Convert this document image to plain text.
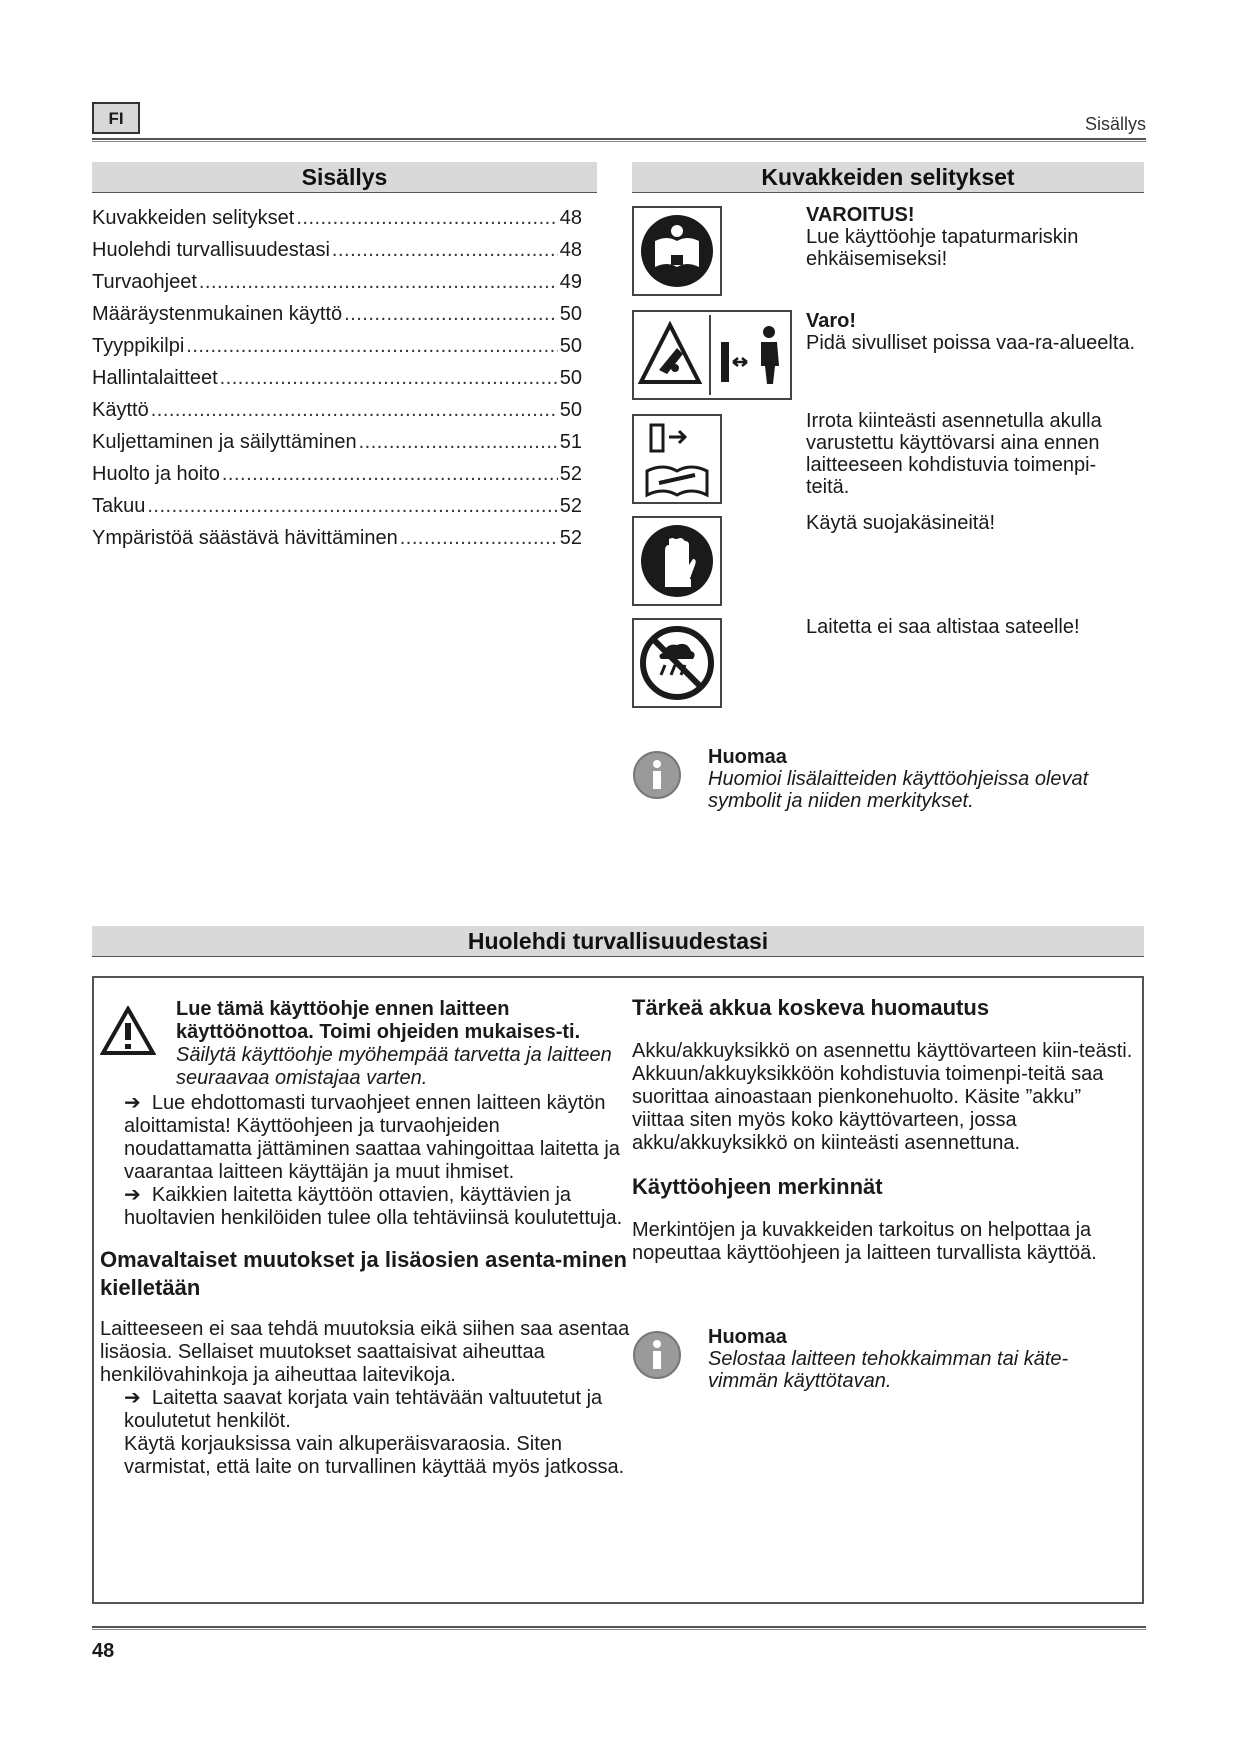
FI	Sisällys
Sisällys
Kuvakkeiden selitykset .....	48
Huolehdi turvallisuudestasi .....	48
Turvaohjeet .....	49
Määräystenmukainen käyttö .....	50
Tyyppikilpi .....	50
Hallintalaitteet .....	50
Käyttö .....	50
Kuljettaminen ja säilyttäminen .....	51
Huolto ja hoito .....	52
Takuu .....	52
Ympäristöä säästävä hävittäminen .....	52
Kuvakkeiden selitykset
VAROITUS!
Lue käyttöohje tapaturmariskin ehkäisemiseksi!
Varo!
Pidä sivulliset poissa vaa-ra-alueelta.
Irrota kiinteästi asennetulla akulla varustettu käyttövarsi aina ennen laitteeseen kohdistuvia toimenpi-teitä.
Käytä suojakäsineitä!
Laitetta ei saa altistaa sateelle!
Huomaa
Huomioi lisälaitteiden käyttöohjeissa olevat symbolit ja niiden merkitykset.
Huolehdi turvallisuudestasi
Lue tämä käyttöohje ennen laitteen käyttöönottoa. Toimi ohjeiden mukaises-ti. Säilytä käyttöohje myöhempää tarvetta ja laitteen seuraavaa omistajaa varten.
➔  Lue ehdottomasti turvaohjeet ennen laitteen käytön aloittamista! Käyttöohjeen ja turvaohjeiden noudattamatta jättäminen saattaa vahingoittaa laitetta ja vaarantaa laitteen käyttäjän ja muut ihmiset.
➔  Kaikkien laitetta käyttöön ottavien, käyttävien ja huoltavien henkilöiden tulee olla tehtäviinsä koulutettuja.
Omavaltaiset muutokset ja lisäosien asenta-minen kielletään
Laitteeseen ei saa tehdä muutoksia eikä siihen saa asentaa lisäosia. Sellaiset muutokset saattaisivat aiheuttaa henkilövahinkoja ja aiheuttaa laitevikoja.
➔  Laitetta saavat korjata vain tehtävään valtuutetut ja koulutetut henkilöt.
Käytä korjauksissa vain alkuperäisvaraosia. Siten varmistat, että laite on turvallinen käyttää myös jatkossa.
Tärkeä akkua koskeva huomautus
Akku/akkuyksikkö on asennettu käyttövarteen kiin-teästi. Akkuun/akkuyksikköön kohdistuvia toimenpi-teitä saa suorittaa ainoastaan pienkonehuolto. Käsite ”akku” viittaa siten myös koko käyttövarteen, jossa akku/akkuyksikkö on kiinteästi asennettuna.
Käyttöohjeen merkinnät
Merkintöjen ja kuvakkeiden tarkoitus on helpottaa ja nopeuttaa käyttöohjeen ja laitteen turvallista käyttöä.
Huomaa
Selostaa laitteen tehokkaimman tai käte-vimmän käyttötavan.
48
